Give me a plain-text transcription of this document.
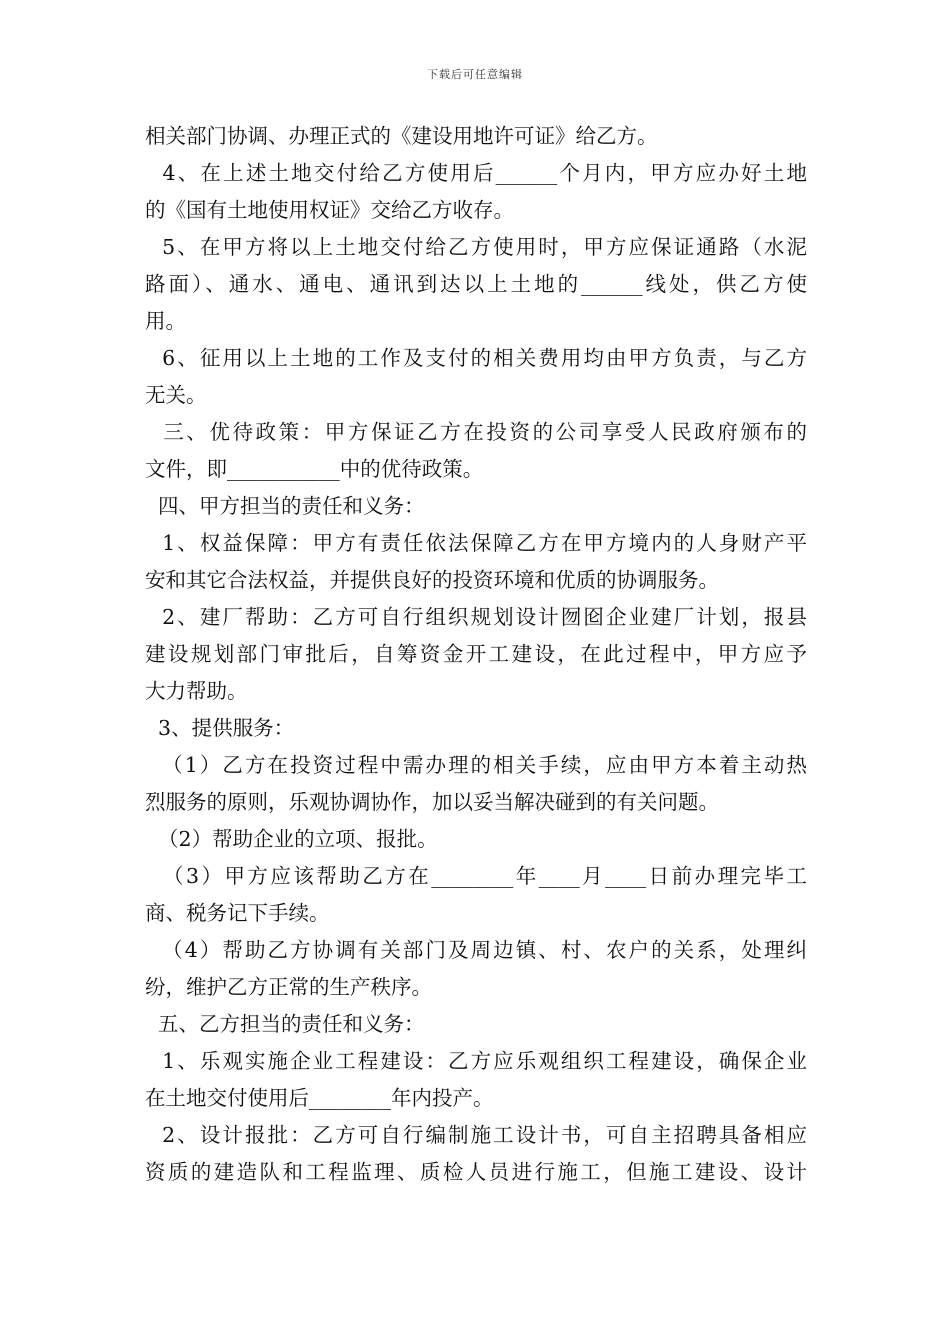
下载后可任意编辑
相关部门协调、办理正式的《建设用地许可证》给乙方。
4、在上述土地交付给乙方使用后______个月内，甲方应办好土地
的《国有土地使用权证》交给乙方收存。
5、在甲方将以上土地交付给乙方使用时，甲方应保证通路（水泥
路面）、通水、通电、通讯到达以上土地的______线处，供乙方使
用。
6、征用以上土地的工作及支付的相关费用均由甲方负责，与乙方
无关。
三、优待政策：甲方保证乙方在投资的公司享受人民政府颁布的
文件，即___________中的优待政策。
四、甲方担当的责任和义务：
1、权益保障：甲方有责任依法保障乙方在甲方境内的人身财产平
安和其它合法权益，并提供良好的投资环境和优质的协调服务。
2、建厂帮助：乙方可自行组织规划设计囫囵企业建厂计划，报县
建设规划部门审批后，自筹资金开工建设，在此过程中，甲方应予
大力帮助。
3、提供服务：
（1）乙方在投资过程中需办理的相关手续，应由甲方本着主动热
烈服务的原则，乐观协调协作，加以妥当解决碰到的有关问题。
（2）帮助企业的立项、报批。
（3）甲方应该帮助乙方在________年____月____日前办理完毕工
商、税务记下手续。
（4）帮助乙方协调有关部门及周边镇、村、农户的关系，处理纠
纷，维护乙方正常的生产秩序。
五、乙方担当的责任和义务：
1、乐观实施企业工程建设：乙方应乐观组织工程建设，确保企业
在土地交付使用后________年内投产。
2、设计报批：乙方可自行编制施工设计书，可自主招聘具备相应
资质的建造队和工程监理、质检人员进行施工，但施工建设、设计
